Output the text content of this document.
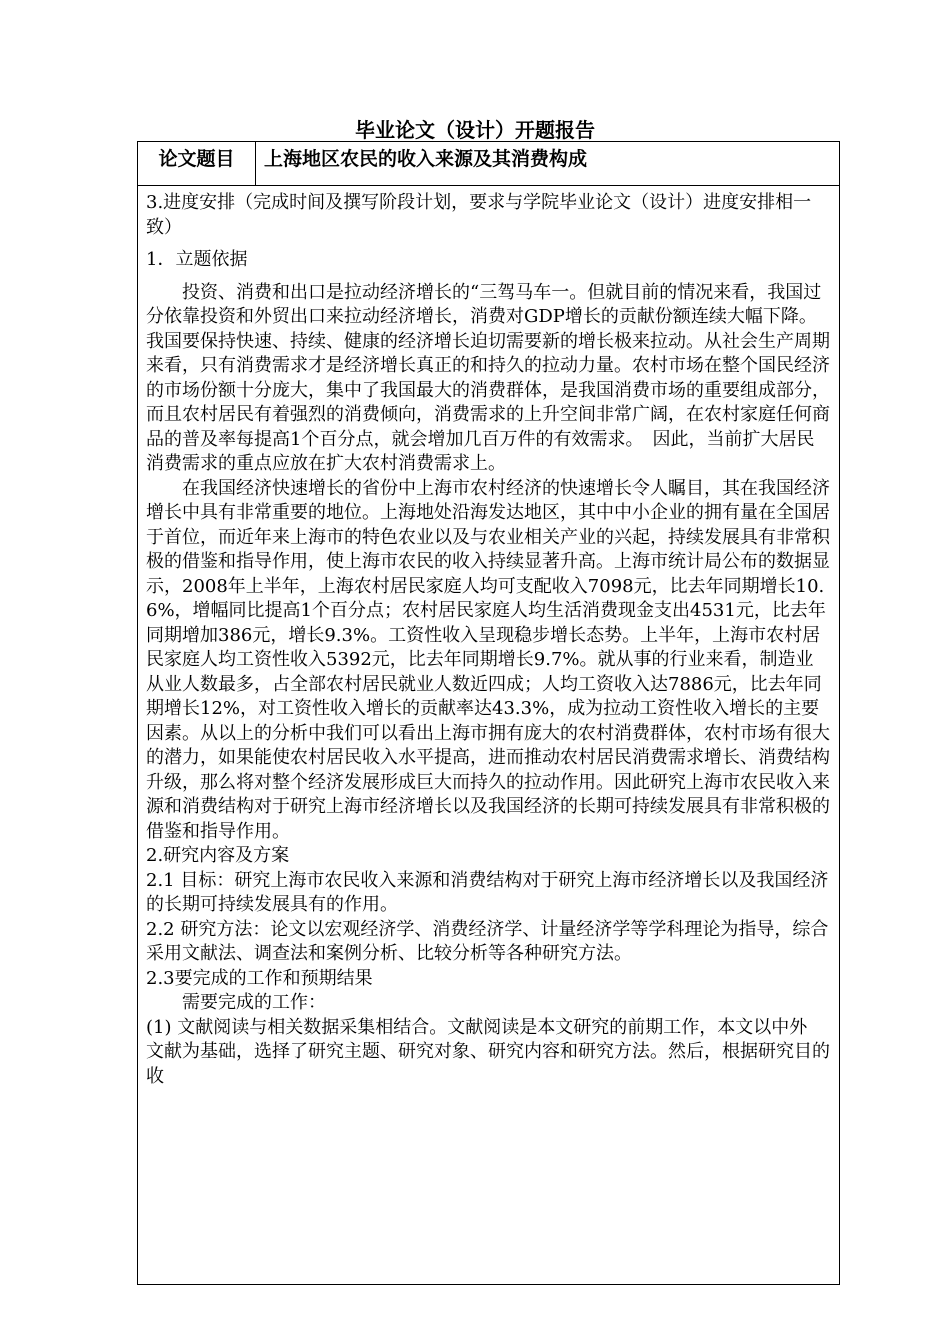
毕业论文（设计）开题报告
论文题目	上海地区农民的收入来源及其消费构成

3.进度安排（完成时间及撰写阶段计划，要求与学院毕业论文（设计）进度安排相一致）

1．立题依据

投资、消费和出口是拉动经济增长的“三驾马车一。但就目前的情况来看，我国过分依靠投资和外贸出口来拉动经济增长，消费对GDP增长的贡献份额连续大幅下降。我国要保持快速、持续、健康的经济增长迫切需要新的增长极来拉动。从社会生产周期来看，只有消费需求才是经济增长真正的和持久的拉动力量。农村市场在整个国民经济的市场份额十分庞大，集中了我国最大的消费群体，是我国消费市场的重要组成部分，而且农村居民有着强烈的消费倾向，消费需求的上升空间非常广阔，在农村家庭任何商品的普及率每提高1个百分点，就会增加几百万件的有效需求。　因此，当前扩大居民消费需求的重点应放在扩大农村消费需求上。

在我国经济快速增长的省份中上海市农村经济的快速增长令人瞩目，其在我国经济增长中具有非常重要的地位。上海地处沿海发达地区，其中中小企业的拥有量在全国居于首位，而近年来上海市的特色农业以及与农业相关产业的兴起，持续发展具有非常积极的借鉴和指导作用，使上海市农民的收入持续显著升高。上海市统计局公布的数据显示，2008年上半年，上海农村居民家庭人均可支配收入7098元，比去年同期增长10.6%，增幅同比提高1个百分点；农村居民家庭人均生活消费现金支出4531元，比去年同期增加386元，增长9.3%。工资性收入呈现稳步增长态势。上半年，上海市农村居民家庭人均工资性收入5392元，比去年同期增长9.7%。就从事的行业来看，制造业从业人数最多，占全部农村居民就业人数近四成；人均工资收入达7886元，比去年同期增长12%，对工资性收入增长的贡献率达43.3%，成为拉动工资性收入增长的主要因素。从以上的分析中我们可以看出上海市拥有庞大的农村消费群体，农村市场有很大的潜力，如果能使农村居民收入水平提高，进而推动农村居民消费需求增长、消费结构升级，那么将对整个经济发展形成巨大而持久的拉动作用。因此研究上海市农民收入来源和消费结构对于研究上海市经济增长以及我国经济的长期可持续发展具有非常积极的借鉴和指导作用。

2.研究内容及方案

2.1 目标：研究上海市农民收入来源和消费结构对于研究上海市经济增长以及我国经济的长期可持续发展具有的作用。

2.2 研究方法：论文以宏观经济学、消费经济学、计量经济学等学科理论为指导，综合采用文献法、调查法和案例分析、比较分析等各种研究方法。

2.3要完成的工作和预期结果

需要完成的工作：

(1) 文献阅读与相关数据采集相结合。文献阅读是本文研究的前期工作，本文以中外

文献为基础，选择了研究主题、研究对象、研究内容和研究方法。然后，根据研究目的收
